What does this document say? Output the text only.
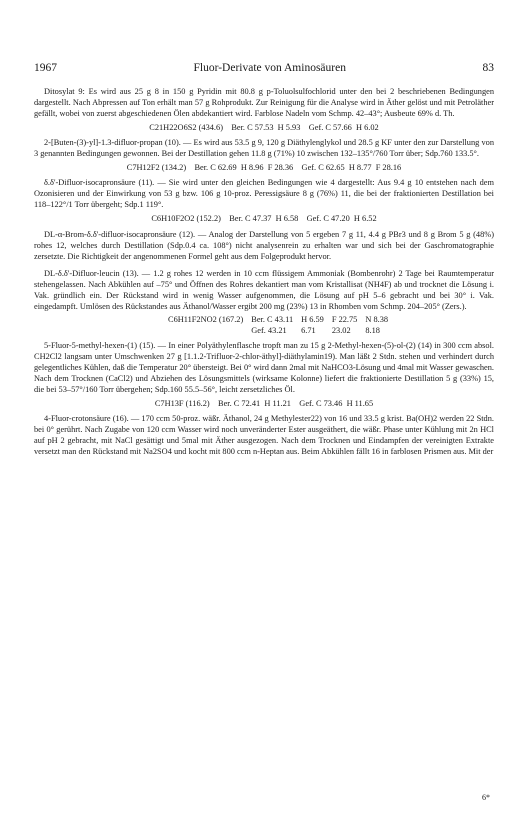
1967	Fluor-Derivate von Aminosäuren	83

Ditosylat 9: Es wird aus 25 g 8 in 150 g Pyridin mit 80.8 g p-Toluolsulfochlorid unter den bei 2 beschriebenen Bedingungen dargestellt. Nach Abpressen auf Ton erhält man 57 g Rohprodukt. Zur Reinigung für die Analyse wird in Äther gelöst und mit Petroläther gefällt, wobei von zuerst abgeschiedenen Ölen abdekantiert wird. Farblose Nadeln vom Schmp. 42–43°; Ausbeute 69% d. Th.

C21H22O6S2 (434.6)    Ber. C 57.53  H 5.93    Gef. C 57.66  H 6.02

2-[Buten-(3)-yl]-1.3-difluor-propan (10). — Es wird aus 53.5 g 9, 120 g Diäthylenglykol und 28.5 g KF unter den zur Darstellung von 3 genannten Bedingungen gewonnen. Bei der Destillation gehen 11.8 g (71%) 10 zwischen 132–135°/760 Torr über; Sdp.760 133.5°.

C7H12F2 (134.2)    Ber. C 62.69  H 8.96  F 28.36    Gef. C 62.65  H 8.77  F 28.16

δ.δ'-Difluor-isocapronsäure (11). — Sie wird unter den gleichen Bedingungen wie 4 dargestellt: Aus 9.4 g 10 entstehen nach dem Ozonisieren und der Einwirkung von 53 g bzw. 106 g 10-proz. Peressigsäure 8 g (76%) 11, die bei der fraktionierten Destillation bei 118–122°/1 Torr übergeht; Sdp.1 119°.

C6H10F2O2 (152.2)    Ber. C 47.37  H 6.58    Gef. C 47.20  H 6.52

DL-α-Brom-δ.δ'-difluor-isocapronsäure (12). — Analog der Darstellung von 5 ergeben 7 g 11, 4.4 g PBr3 und 8 g Brom 5 g (48%) rohes 12, welches durch Destillation (Sdp.0.4 ca. 108°) nicht analysenrein zu erhalten war und sich bei der Gaschromatographie zersetzte. Die Richtigkeit der angenommenen Formel geht aus dem Folgeprodukt hervor.

DL-δ.δ'-Difluor-leucin (13). — 1.2 g rohes 12 werden in 10 ccm flüssigem Ammoniak (Bombenrohr) 2 Tage bei Raumtemperatur stehengelassen. Nach Abkühlen auf –75° und Öffnen des Rohres dekantiert man vom Kristallisat (NH4F) ab und trocknet die Lösung i. Vak. gründlich ein. Der Rückstand wird in wenig Wasser aufgenommen, die Lösung auf pH 5–6 gebracht und bei 30° i. Vak. eingedampft. Umlösen des Rückstandes aus Äthanol/Wasser ergibt 200 mg (23%) 13 in Rhomben vom Schmp. 204–205° (Zers.).

C6H11F2NO2 (167.2)	Ber. C 43.11	H 6.59	F 22.75	N 8.38
	Gef. 43.21	6.71	23.02	8.18

5-Fluor-5-methyl-hexen-(1) (15). — In einer Polyäthylenflasche tropft man zu 15 g 2-Methyl-hexen-(5)-ol-(2) (14) in 300 ccm absol. CH2Cl2 langsam unter Umschwenken 27 g [1.1.2-Trifluor-2-chlor-äthyl]-diäthylamin19). Man läßt 2 Stdn. stehen und verhindert durch gelegentliches Kühlen, daß die Temperatur 20° übersteigt. Bei 0° wird dann 2mal mit NaHCO3-Lösung und 4mal mit Wasser gewaschen. Nach dem Trocknen (CaCl2) und Abziehen des Lösungsmittels (wirksame Kolonne) liefert die fraktionierte Destillation 5 g (33%) 15, die bei 53–57°/160 Torr übergehen; Sdp.160 55.5–56°, leicht zersetzliches Öl.

C7H13F (116.2)    Ber. C 72.41  H 11.21    Gef. C 73.46  H 11.65

4-Fluor-crotonsäure (16). — 170 ccm 50-proz. wäßr. Äthanol, 24 g Methylester22) von 16 und 33.5 g krist. Ba(OH)2 werden 22 Stdn. bei 0° gerührt. Nach Zugabe von 120 ccm Wasser wird noch unveränderter Ester ausgeäthert, die wäßr. Phase unter Kühlung mit 2n HCl auf pH 2 gebracht, mit NaCl gesättigt und 5mal mit Äther ausgezogen. Nach dem Trocknen und Eindampfen der vereinigten Extrakte versetzt man den Rückstand mit Na2SO4 und kocht mit 800 ccm n-Heptan aus. Beim Abkühlen fällt 16 in farblosen Prismen aus. Mit der

6*
